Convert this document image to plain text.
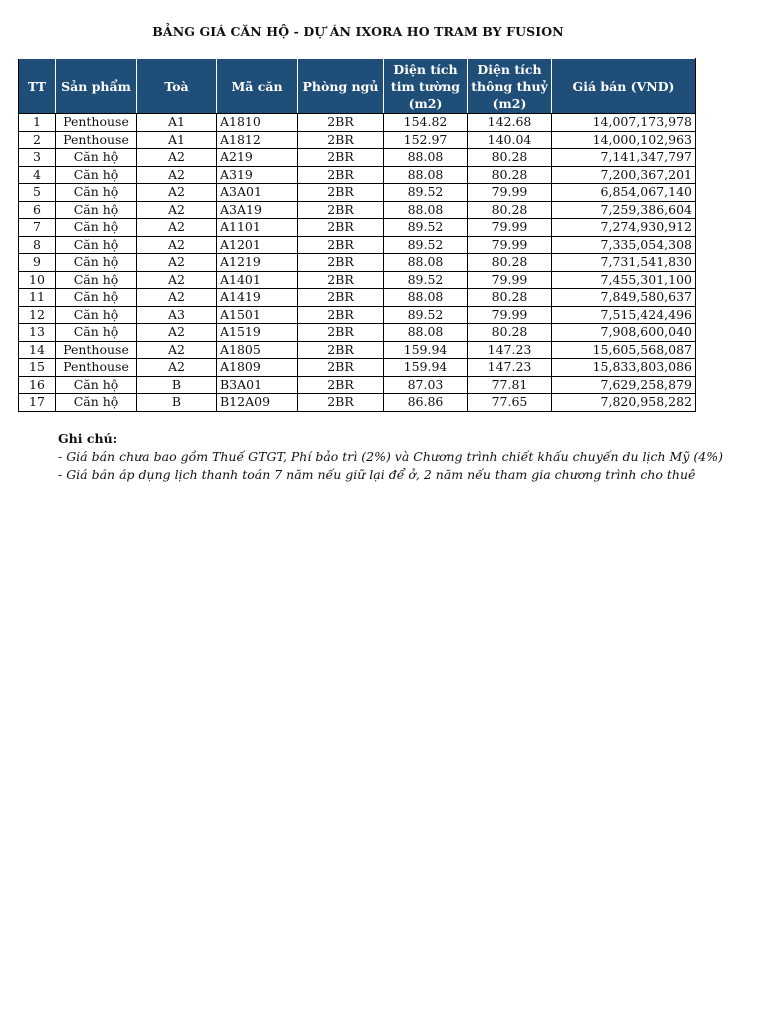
BẢNG GIÁ CĂN HỘ - DỰ ÁN IXORA HO TRAM BY FUSION
TT	Sản phẩm	Toà	Mã căn	Phòng ngủ	Diện tích tim tường (m2)	Diện tích thông thuỷ (m2)	Giá bán (VND)
1	Penthouse	A1	A1810	2BR	154.82	142.68	14,007,173,978
2	Penthouse	A1	A1812	2BR	152.97	140.04	14,000,102,963
3	Căn hộ	A2	A219	2BR	88.08	80.28	7,141,347,797
4	Căn hộ	A2	A319	2BR	88.08	80.28	7,200,367,201
5	Căn hộ	A2	A3A01	2BR	89.52	79.99	6,854,067,140
6	Căn hộ	A2	A3A19	2BR	88.08	80.28	7,259,386,604
7	Căn hộ	A2	A1101	2BR	89.52	79.99	7,274,930,912
8	Căn hộ	A2	A1201	2BR	89.52	79.99	7,335,054,308
9	Căn hộ	A2	A1219	2BR	88.08	80.28	7,731,541,830
10	Căn hộ	A2	A1401	2BR	89.52	79.99	7,455,301,100
11	Căn hộ	A2	A1419	2BR	88.08	80.28	7,849,580,637
12	Căn hộ	A3	A1501	2BR	89.52	79.99	7,515,424,496
13	Căn hộ	A2	A1519	2BR	88.08	80.28	7,908,600,040
14	Penthouse	A2	A1805	2BR	159.94	147.23	15,605,568,087
15	Penthouse	A2	A1809	2BR	159.94	147.23	15,833,803,086
16	Căn hộ	B	B3A01	2BR	87.03	77.81	7,629,258,879
17	Căn hộ	B	B12A09	2BR	86.86	77.65	7,820,958,282
Ghi chú:
- Giá bán chưa bao gồm Thuế GTGT, Phí bảo trì (2%) và Chương trình chiết khấu chuyến du lịch Mỹ (4%)
- Giá bán áp dụng lịch thanh toán 7 năm nếu giữ lại để ở, 2 năm nếu tham gia chương trình cho thuê
